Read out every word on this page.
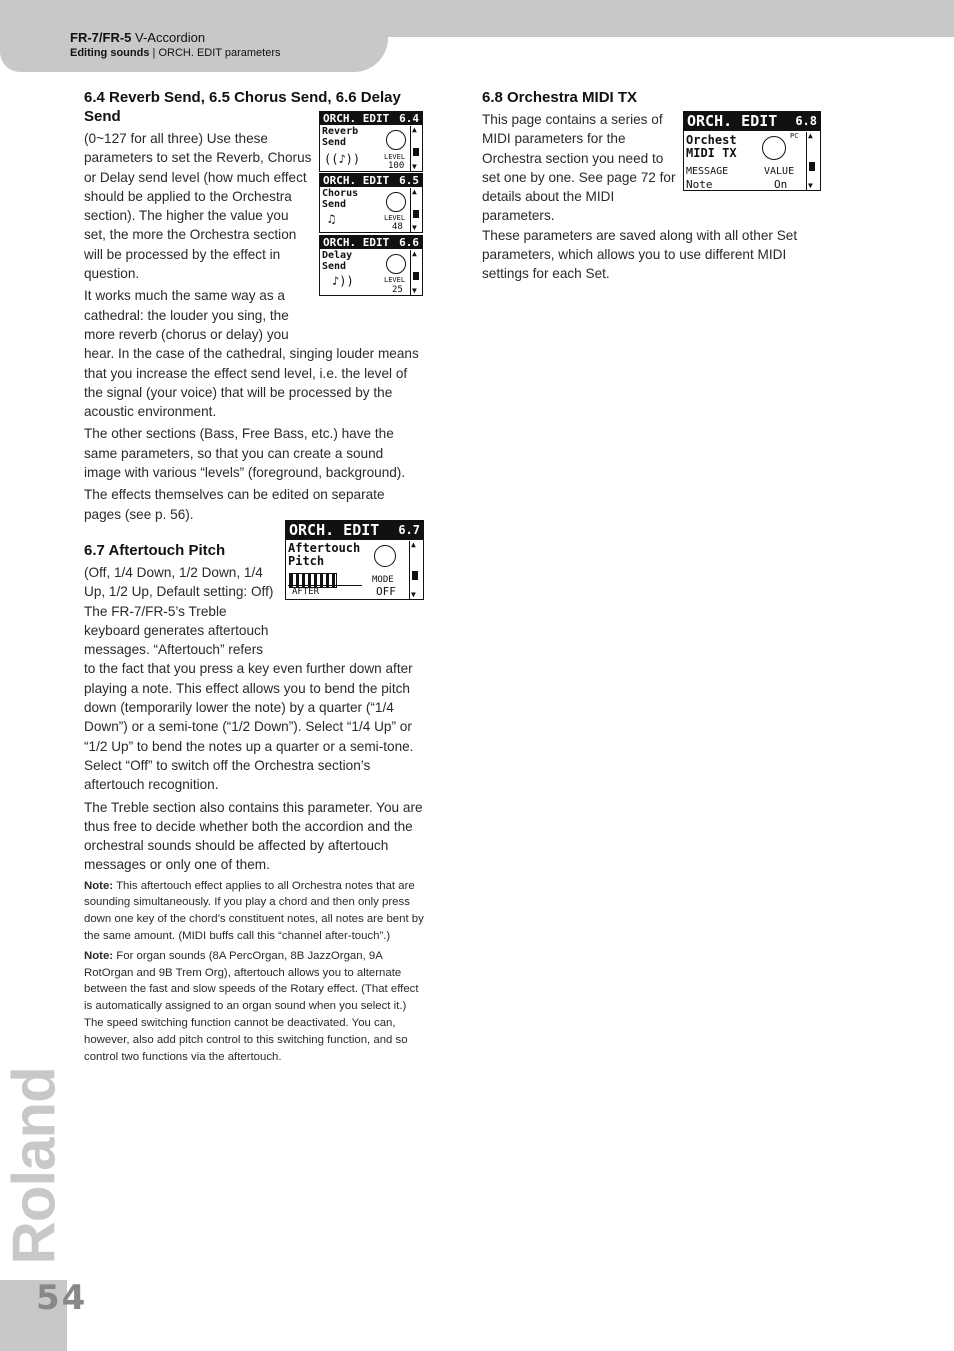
FR-7/FR-5 V-Accordion
Editing sounds | ORCH. EDIT parameters
Roland
54

6.4 Reverb Send, 6.5 Chorus Send, 6.6 Delay Send

(0~127 for all three) Use these parameters to set the Reverb, Chorus or Delay send level (how much effect should be applied to the Orchestra section). The higher the value you set, the more the Orchestra section will be processed by the effect in question.

It works much the same way as a cathedral: the louder you sing, the more reverb (chorus or delay) you hear. In the case of the cathedral, singing louder means that you increase the effect send level, i.e. the level of the signal (your voice) that will be processed by the acoustic environment.

The other sections (Bass, Free Bass, etc.) have the same parameters, so that you can create a sound image with various “levels” (foreground, background).

The effects themselves can be edited on separate pages (see p. 56).

6.7 Aftertouch Pitch

(Off, 1/4 Down, 1/2 Down, 1/4 Up, 1/2 Up, Default setting: Off) The FR-7/FR-5’s Treble keyboard generates aftertouch messages. “Aftertouch” refers to the fact that you press a key even further down after playing a note. This effect allows you to bend the pitch down (temporarily lower the note) by a quarter (“1/4 Down”) or a semi-tone (“1/2 Down”). Select “1/4 Up” or “1/2 Up” to bend the notes up a quarter or a semi-tone. Select “Off” to switch off the Orchestra section’s aftertouch recognition.

The Treble section also contains this parameter. You are thus free to decide whether both the accordion and the orchestral sounds should be affected by aftertouch messages or only one of them.

Note: This aftertouch effect applies to all Orchestra notes that are sounding simultaneously. If you play a chord and then only press down one key of the chord’s constituent notes, all notes are bent by the same amount. (MIDI buffs call this “channel after-touch”.)

Note: For organ sounds (8A PercOrgan, 8B JazzOrgan, 9A RotOrgan and 9B Trem Org), aftertouch allows you to alternate between the fast and slow speeds of the Rotary effect. (That effect is automatically assigned to an organ sound when you select it.) The speed switching function cannot be deactivated. You can, however, also add pitch control to this switching function, and so control two functions via the aftertouch.

6.8 Orchestra MIDI TX

This page contains a series of MIDI parameters for the Orchestra section you need to set one by one. See page 72 for details about the MIDI parameters.

These parameters are saved along with all other Set parameters, which allows you to use different MIDI settings for each Set.

ORCH. EDIT 6.4
Reverb
Send
((♪))	LEVEL
100
▲
▼
ORCH. EDIT 6.5
Chorus
Send
♫	LEVEL
48
▲
▼
ORCH. EDIT 6.6
Delay
Send
♪))	LEVEL
25
▲
▼
ORCH. EDIT 6.7
Aftertouch
Pitch
AFTER
MODE
OFF
▲
▼
ORCH. EDIT 6.8
Orchest
MIDI TX
PC
MESSAGE
Note
VALUE
On
▲
▼
